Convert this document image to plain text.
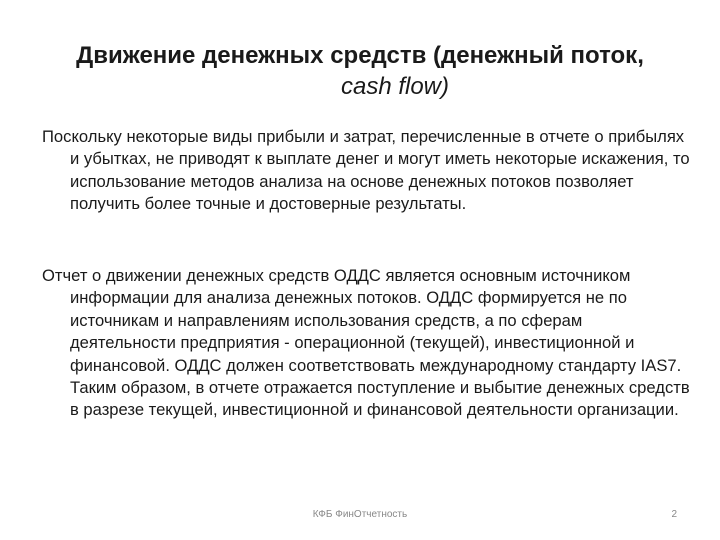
Движение денежных средств (денежный поток,
cash flow)

Поскольку некоторые виды прибыли и затрат, перечисленные в отчете о прибылях и убытках, не приводят к выплате денег и могут иметь некоторые искажения, то использование методов анализа на основе денежных потоков позволяет получить более точные и достоверные результаты.

Отчет о движении денежных средств ОДДС является основным источником информации для анализа денежных потоков. ОДДС формируется не по источникам и направлениям использования средств, а по сферам деятельности предприятия - операционной (текущей), инвестиционной и финансовой. ОДДС должен соответствовать международному стандарту IAS7. Таким образом, в отчете отражается поступление и выбытие денежных средств в разрезе текущей, инвестиционной и финансовой деятельности организации.

КФБ ФинОтчетность	2
